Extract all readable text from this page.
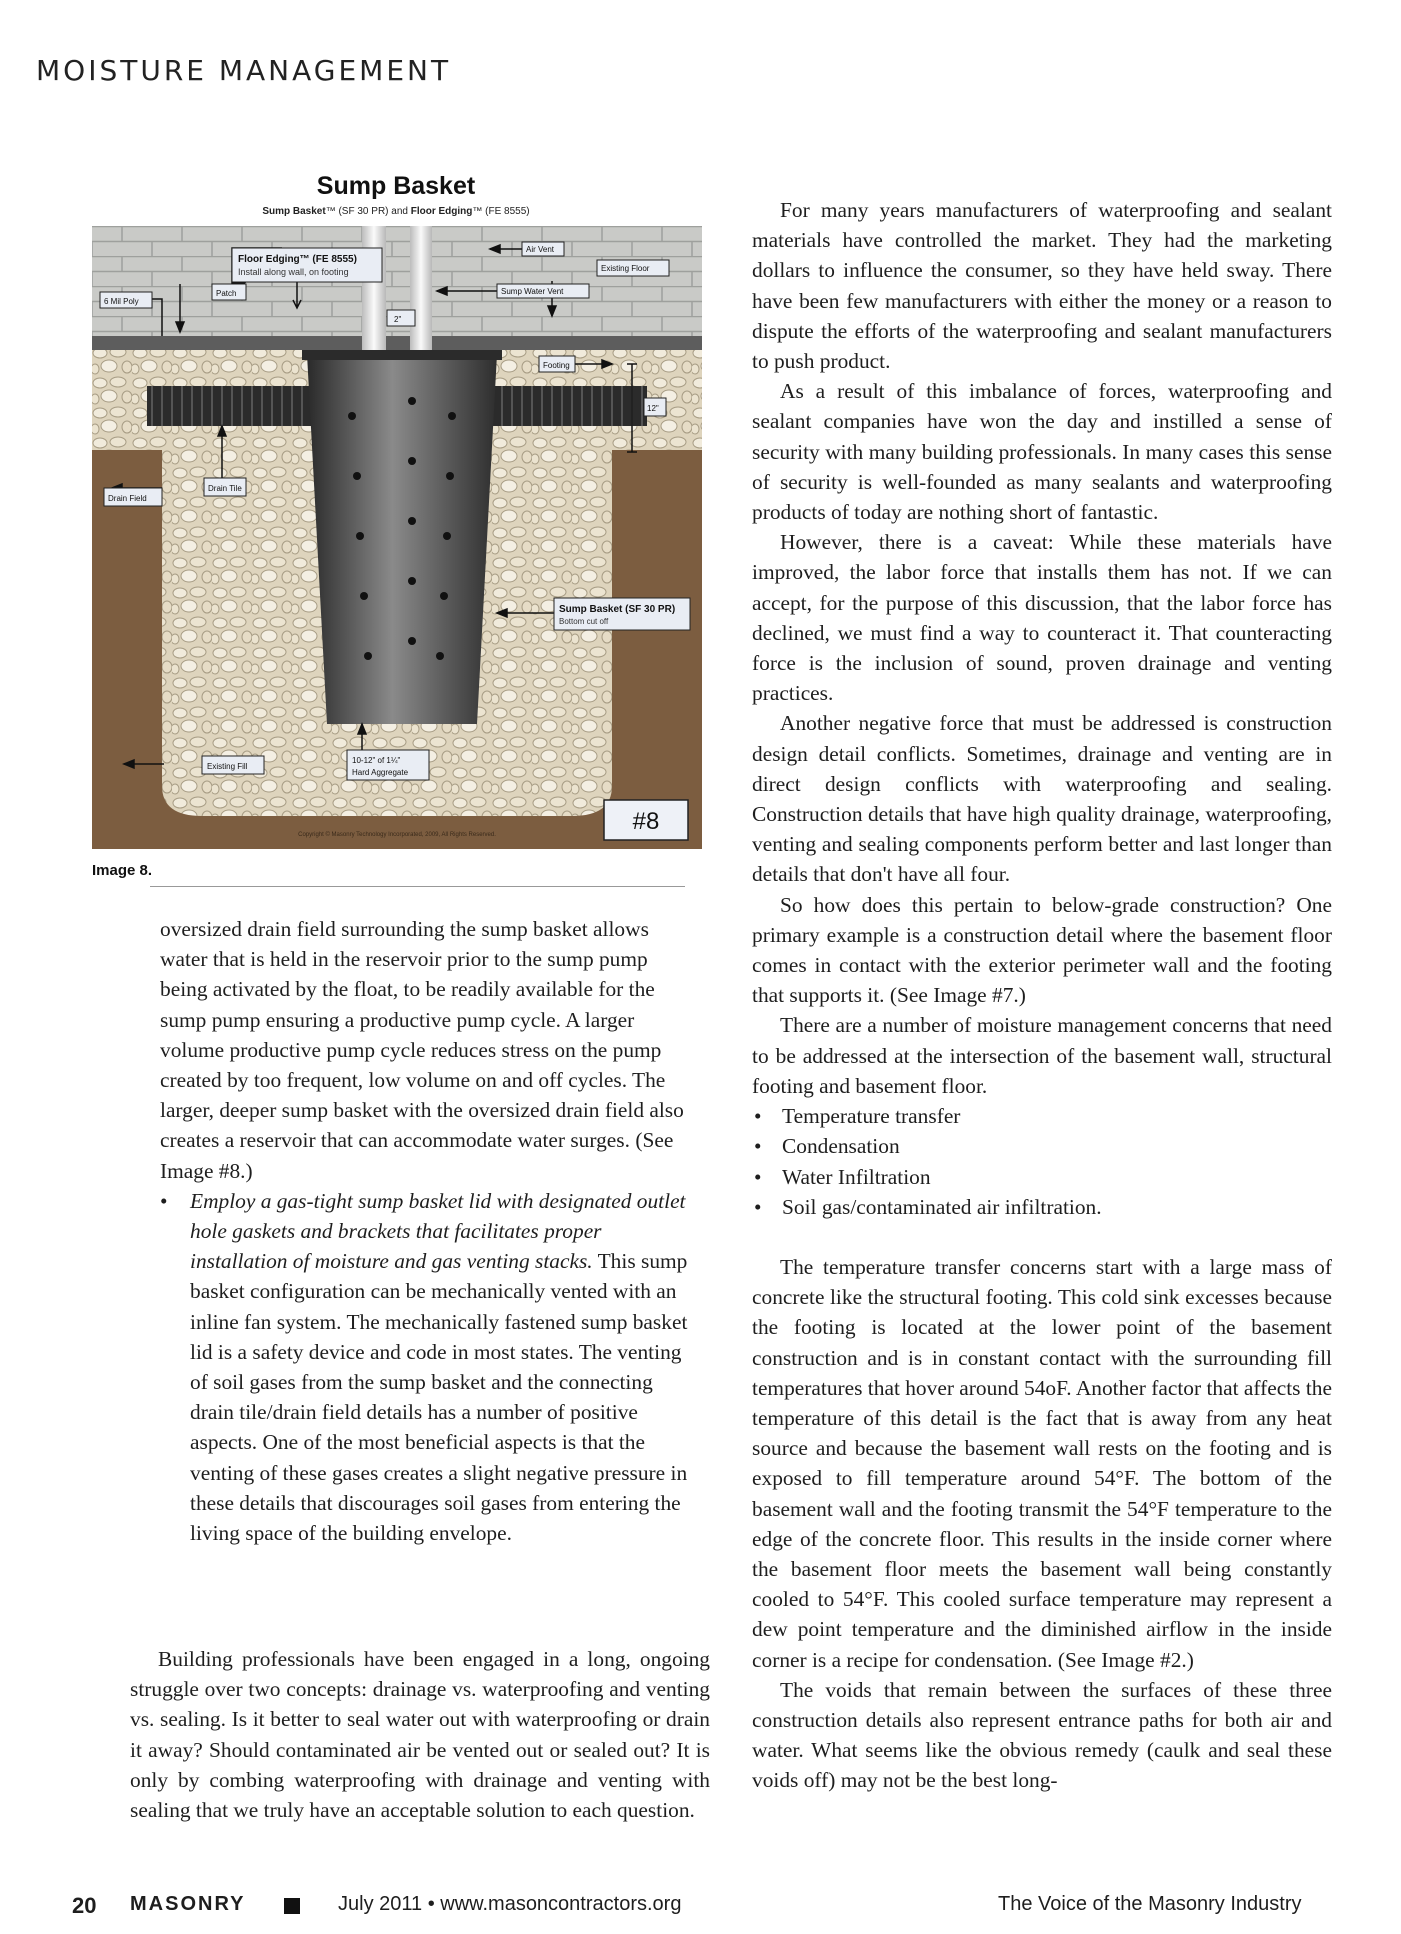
MOISTURE MANAGEMENT
Sump Basket
Sump Basket™ (SF 30 PR) and Floor Edging™ (FE 8555)
Floor Edging™ (FE 8555)
Install along wall, on footing
Air Vent
Existing Floor
Sump Water Vent
Patch
6 Mil Poly
2"
Footing
12"
Drain Tile
Drain Field
Sump Basket (SF 30 PR)
Bottom cut off
Existing Fill
10-12" of 1¼"
Hard Aggregate
#8
Copyright © Masonry Technology Incorporated, 2009, All Rights Reserved.
Image 8.

oversized drain field surrounding the sump basket allows water that is held in the reservoir prior to the sump pump being activated by the float, to be readily available for the sump pump ensuring a productive pump cycle. A larger volume productive pump cycle reduces stress on the pump created by too frequent, low volume on and off cycles. The larger, deeper sump basket with the oversized drain field also creates a reservoir that can accommodate water surges. (See Image #8.)

• Employ a gas-tight sump basket lid with designated outlet hole gaskets and brackets that facilitates proper installation of moisture and gas venting stacks. This sump basket configuration can be mechanically vented with an inline fan system. The mechanically fastened sump basket lid is a safety device and code in most states. The venting of soil gases from the sump basket and the connecting drain tile/drain field details has a number of positive aspects. One of the most beneficial aspects is that the venting of these gases creates a slight negative pressure in these details that discourages soil gases from entering the living space of the building envelope.

Building professionals have been engaged in a long, ongoing struggle over two concepts: drainage vs. waterproofing and venting vs. sealing. Is it better to seal water out with waterproofing or drain it away? Should contaminated air be vented out or sealed out? It is only by combing waterproofing with drainage and venting with sealing that we truly have an acceptable solution to each question.

For many years manufacturers of waterproofing and sealant materials have controlled the market. They had the marketing dollars to influence the consumer, so they have held sway. There have been few manufacturers with either the money or a reason to dispute the efforts of the waterproofing and sealant manufacturers to push product.

As a result of this imbalance of forces, waterproofing and sealant companies have won the day and instilled a sense of security with many building professionals. In many cases this sense of security is well-founded as many sealants and waterproofing products of today are nothing short of fantastic.

However, there is a caveat: While these materials have improved, the labor force that installs them has not. If we can accept, for the purpose of this discussion, that the labor force has declined, we must find a way to counteract it. That counteracting force is the inclusion of sound, proven drainage and venting practices.

Another negative force that must be addressed is construction design detail conflicts. Sometimes, drainage and venting are in direct design conflicts with waterproofing and sealing. Construction details that have high quality drainage, waterproofing, venting and sealing components perform better and last longer than details that don't have all four.

So how does this pertain to below-grade construction? One primary example is a construction detail where the basement floor comes in contact with the exterior perimeter wall and the footing that supports it. (See Image #7.)

There are a number of moisture management concerns that need to be addressed at the intersection of the basement wall, structural footing and basement floor.

• Temperature transfer
• Condensation
• Water Infiltration
• Soil gas/contaminated air infiltration.

The temperature transfer concerns start with a large mass of concrete like the structural footing. This cold sink excesses because the footing is located at the lower point of the basement construction and is in constant contact with the surrounding fill temperatures that hover around 54oF. Another factor that affects the temperature of this detail is the fact that is away from any heat source and because the basement wall rests on the footing and is exposed to fill temperature around 54°F. The bottom of the basement wall and the footing transmit the 54°F temperature to the edge of the concrete floor. This results in the inside corner where the basement floor meets the basement wall being constantly cooled to 54°F. This cooled surface temperature may represent a dew point temperature and the diminished airflow in the inside corner is a recipe for condensation. (See Image #2.)

The voids that remain between the surfaces of these three construction details also represent entrance paths for both air and water. What seems like the obvious remedy (caulk and seal these voids off) may not be the best long-

20 MASONRY	July 2011 • www.masoncontractors.org	The Voice of the Masonry Industry
